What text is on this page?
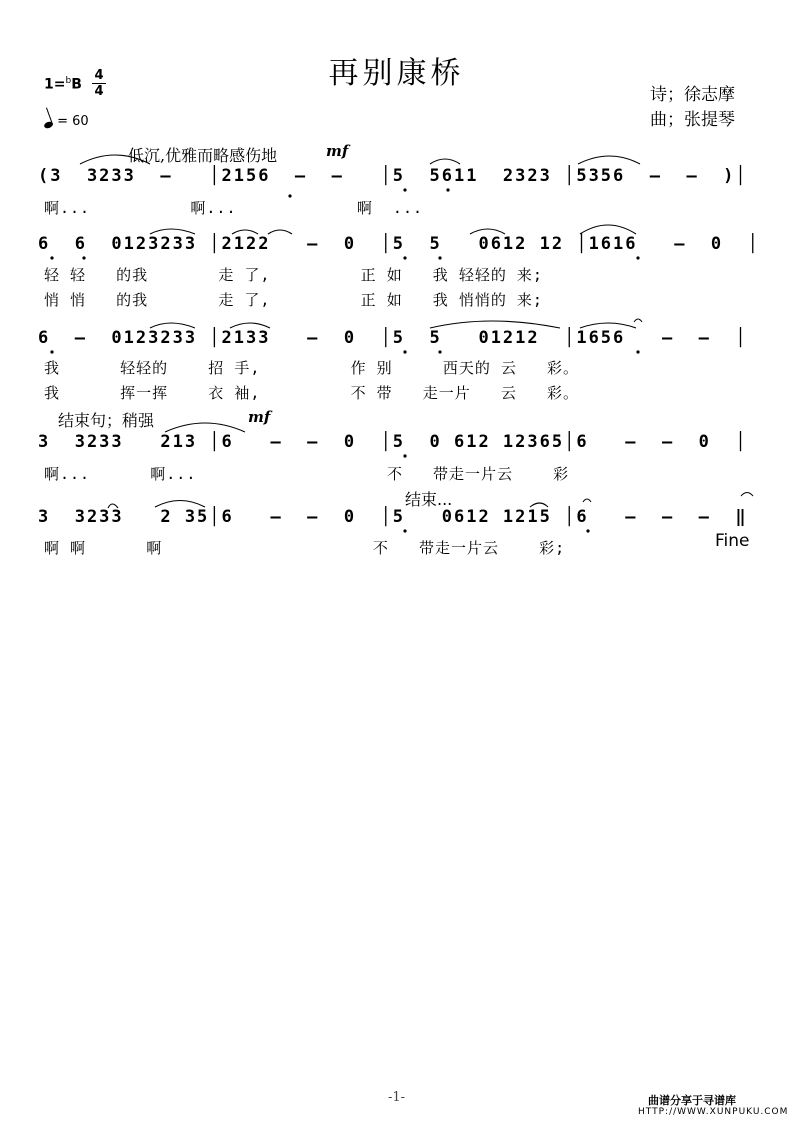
再别康桥
诗；徐志摩
曲；张提琴
1=$^b$B
4
4
= 60
低沉,优雅而略感伤地	mf
(3  3233  –   │2156  –  –   │5  5611  2323 │5356  –  –  )│
啊...          啊...            啊  ...
6  6  0123233 │2122   –  0  │5  5   0612 12 │1616   –  0  │
轻 轻   的我       走 了,         正 如   我 轻轻的 来;
悄 悄   的我       走 了,         正 如   我 悄悄的 来;
6  –  0123233 │2133   –  0  │5  5   01212  │1656   –  –  │
我      轻轻的    招 手,         作 别     西天的 云   彩。
我      挥一挥    衣 袖,         不 带   走一片   云   彩。
结束句；稍强	mf
3  3233   213 │6   –  –  0  │5  0 612 12365│6   –  –  0  │
啊...      啊...                   不   带走一片云    彩
结束...
3  3233   2 35│6   –  –  0  │5   0612 1215 │6   –  –  –  ‖
啊 啊      啊                     不   带走一片云    彩;	Fine
-1-	曲谱分享于寻谱库
HTTP://WWW.XUNPUKU.COM
